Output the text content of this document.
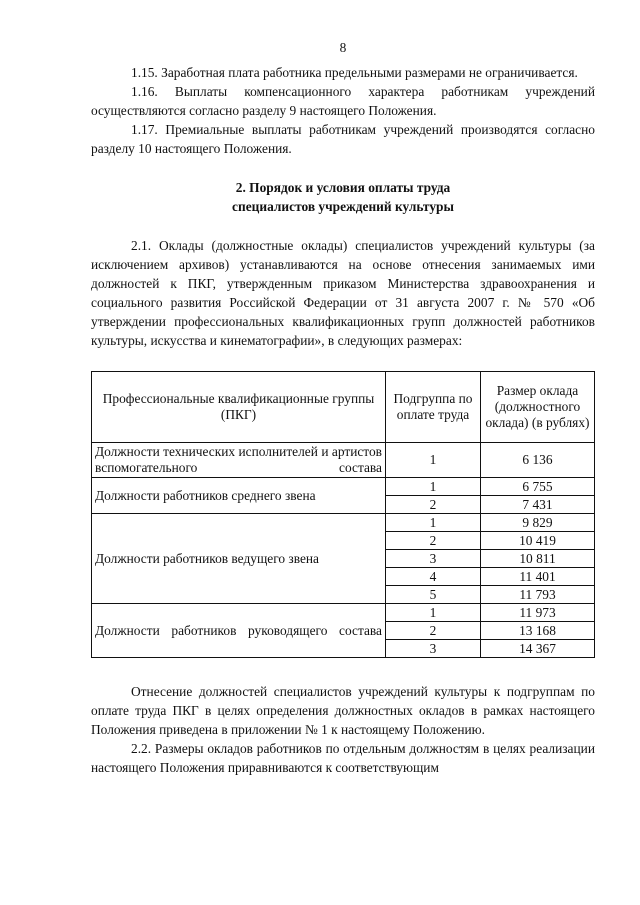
8

1.15. Заработная плата работника предельными размерами не ограничивается.

1.16. Выплаты компенсационного характера работникам учреждений осуществляются согласно разделу 9 настоящего Положения.

1.17. Премиальные выплаты работникам учреждений производятся согласно разделу 10 настоящего Положения.

2. Порядок и условия оплаты труда
специалистов учреждений культуры

2.1. Оклады (должностные оклады) специалистов учреждений культуры (за исключением архивов) устанавливаются на основе отнесения занимаемых ими должностей к ПКГ, утвержденным приказом Министерства здравоохранения и социального развития Российской Федерации от 31 августа 2007 г. № 570 «Об утверждении профессиональных квалификационных групп должностей работников культуры, искусства и кинематографии», в следующих размерах:

Профессиональные квалификационные группы (ПКГ)	Подгруппа по оплате труда	Размер оклада (должностного оклада) (в рублях)
Должности технических исполнителей и артистов вспомогательного состава	1	6 136
Должности работников среднего звена	1	6 755
	2	7 431
Должности работников ведущего звена	1	9 829
	2	10 419
	3	10 811
	4	11 401
	5	11 793
Должности работников руководящего состава	1	11 973
	2	13 168
	3	14 367

Отнесение должностей специалистов учреждений культуры к подгруппам по оплате труда ПКГ в целях определения должностных окладов в рамках настоящего Положения приведена в приложении № 1 к настоящему Положению.

2.2. Размеры окладов работников по отдельным должностям в целях реализации настоящего Положения приравниваются к соответствующим
